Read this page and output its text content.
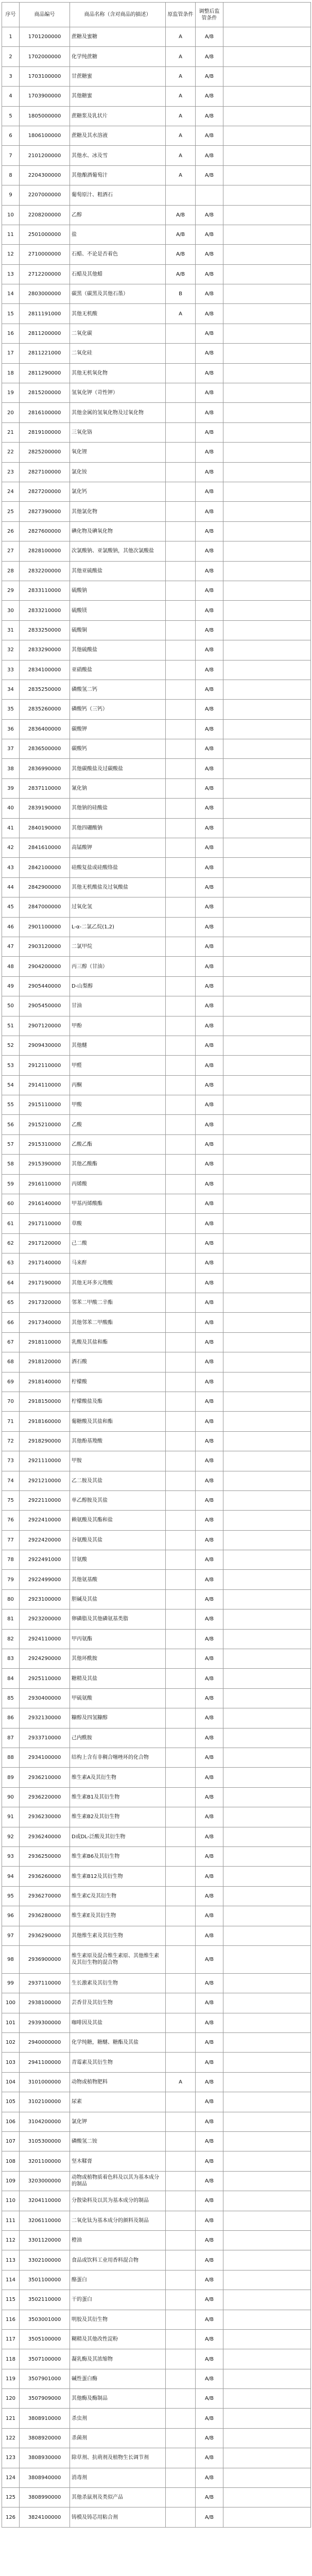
序号	商品编号	商品名称（含对商品的描述）	原监管条件	调整后监管条件	
1	1701200000	蔗糖及蜜糖	A	A/B	
2	1702000000	化学纯蔗糖	A	A/B	
3	1703100000	甘蔗糖蜜	A	A/B	
4	1703900000	其他糖蜜	A	A/B	
5	1805000000	蔗糖浆及乳状片	A	A/B	
6	1806100000	蔗糖及其水溶液	A	A/B	
7	2101200000	其他水、冰及雪	A	A/B	
8	2204300000	其他酿酒葡萄汁	A	A/B	
9	2207000000	葡萄原汁、粗酒石			
10	2208200000	乙醇	A/B	A/B	
11	2501000000	盐	A/B	A/B	
12	2710000000	石蜡、不论是否着色	A/B	A/B	
13	2712200000	石蜡及其他蜡	A/B	A/B	
14	2803000000	碳黑（碳黑及其他石墨）	B	A/B	
15	2811191000	其他无机酸	A	A/B	
16	2811200000	二氧化碳		A/B	
17	2811221000	二氧化硅		A/B	
18	2811290000	其他无机氧化物		A/B	
19	2815200000	氢氧化钾（苛性钾）		A/B	
20	2816100000	其他金属的氢氧化物及过氧化物		A/B	
21	2819100000	三氧化铬		A/B	
22	2825200000	氧化锂		A/B	
23	2827100000	氯化铵		A/B	
24	2827200000	氯化钙		A/B	
25	2827390000	其他氯化物		A/B	
26	2827600000	碘化物及碘氧化物		A/B	
27	2828100000	次氯酸钠、亚氯酸钠，其他次氯酸盐		A/B	
28	2832200000	其他亚硫酸盐		A/B	
29	2833110000	硫酸钠		A/B	
30	2833210000	硫酸镁		A/B	
31	2833250000	硫酸铜		A/B	
32	2833290000	其他硫酸盐		A/B	
33	2834100000	亚硝酸盐		A/B	
34	2835250000	磷酸氢二钙		A/B	
35	2835260000	磷酸钙（三钙）		A/B	
36	2836400000	碳酸钾		A/B	
37	2836500000	碳酸钙		A/B	
38	2836990000	其他碳酸盐及过碳酸盐		A/B	
39	2837110000	氰化钠		A/B	
40	2839190000	其他钠的硅酸盐		A/B	
41	2840190000	其他四硼酸钠		A/B	
42	2841610000	高锰酸钾		A/B	
43	2842100000	硅酸复盐或硅酸络盐		A/B	
44	2842900000	其他无机酸盐及过氧酸盐		A/B	
45	2847000000	过氧化氢		A/B	
46	2901100000	L-α-二氯乙烷(1,2)		A/B	
47	2903120000	二氯甲烷		A/B	
48	2904200000	丙三醇（甘油）		A/B	
49	2905440000	D-山梨醇		A/B	
50	2905450000	甘油		A/B	
51	2907120000	甲酚		A/B	
52	2909430000	其他醚		A/B	
53	2912110000	甲醛		A/B	
54	2914110000	丙酮		A/B	
55	2915110000	甲酸		A/B	
56	2915210000	乙酸		A/B	
57	2915310000	乙酸乙酯		A/B	
58	2915390000	其他乙酸酯		A/B	
59	2916110000	丙烯酸		A/B	
60	2916140000	甲基丙烯酸酯		A/B	
61	2917110000	草酸		A/B	
62	2917120000	己二酸		A/B	
63	2917140000	马来酐		A/B	
64	2917190000	其他无环多元羧酸		A/B	
65	2917320000	邻苯二甲酸二辛酯		A/B	
66	2917340000	其他邻苯二甲酸酯		A/B	
67	2918110000	乳酸及其盐和酯		A/B	
68	2918120000	酒石酸		A/B	
69	2918140000	柠檬酸		A/B	
70	2918150000	柠檬酸盐及酯		A/B	
71	2918160000	葡糖酸及其盐和酯		A/B	
72	2918290000	其他酚基羧酸		A/B	
73	2921110000	甲胺		A/B	
74	2921210000	乙二胺及其盐		A/B	
75	2922110000	单乙醇胺及其盐		A/B	
76	2922410000	赖氨酸及其酯和盐		A/B	
77	2922420000	谷氨酸及其盐		A/B	
78	2922491000	甘氨酸		A/B	
79	2922499000	其他氨基酸		A/B	
80	2923100000	胆碱及其盐		A/B	
81	2923200000	卵磷脂及其他磷氨基类脂		A/B	
82	2924110000	甲丙氨酯		A/B	
83	2924290000	其他环酰胺		A/B	
84	2925110000	糖精及其盐		A/B	
85	2930400000	甲硫氨酸		A/B	
86	2932130000	糠醇及四氢糠醇		A/B	
87	2933710000	己内酰胺		A/B	
88	2934100000	结构上含有非稠合噻唑环的化合物		A/B	
89	2936210000	维生素A及其衍生物		A/B	
90	2936220000	维生素B1及其衍生物		A/B	
91	2936230000	维生素B2及其衍生物		A/B	
92	2936240000	D或DL-泛酸及其衍生物		A/B	
93	2936250000	维生素B6及其衍生物		A/B	
94	2936260000	维生素B12及其衍生物		A/B	
95	2936270000	维生素C及其衍生物		A/B	
96	2936280000	维生素E及其衍生物		A/B	
97	2936290000	其他维生素及其衍生物		A/B	
98	2936900000	维生素原及混合维生素原、其他维生素及其衍生物的混合物		A/B	
99	2937110000	生长激素及其衍生物		A/B	
100	2938100000	芸香苷及其衍生物		A/B	
101	2939300000	咖啡因及其盐		A/B	
102	2940000000	化学纯糖，糖醚、糖酯及其盐		A/B	
103	2941100000	青霉素及其衍生物		A/B	
104	3101000000	动物或植物肥料	A	A/B	
105	3102100000	尿素		A/B	
106	3104200000	氯化钾		A/B	
107	3105300000	磷酸氢二铵		A/B	
108	3201100000	坚木鞣膏		A/B	
109	3203000000	动物或植物质着色料及以其为基本成分的制品		A/B	
110	3204110000	分散染料及以其为基本成分的制品		A/B	
111	3206110000	二氧化钛为基本成分的颜料及制品		A/B	
112	3301120000	橙油		A/B	
113	3302100000	食品或饮料工业用香料混合物		A/B	
114	3501100000	酪蛋白		A/B	
115	3502110000	干的蛋白		A/B	
116	3503001000	明胶及其衍生物		A/B	
117	3505100000	糊精及其他改性淀粉		A/B	
118	3507100000	凝乳酶及其浓缩物		A/B	
119	3507901000	碱性蛋白酶		A/B	
120	3507909000	其他酶及酶制品		A/B	
121	3808910000	杀虫剂		A/B	
122	3808920000	杀菌剂		A/B	
123	3808930000	除草剂、抗萌剂及植物生长调节剂		A/B	
124	3808940000	消毒剂		A/B	
125	3808990000	其他杀鼠剂及类似产品		A/B	
126	3824100000	铸模及铸芯用粘合剂		A/B	
